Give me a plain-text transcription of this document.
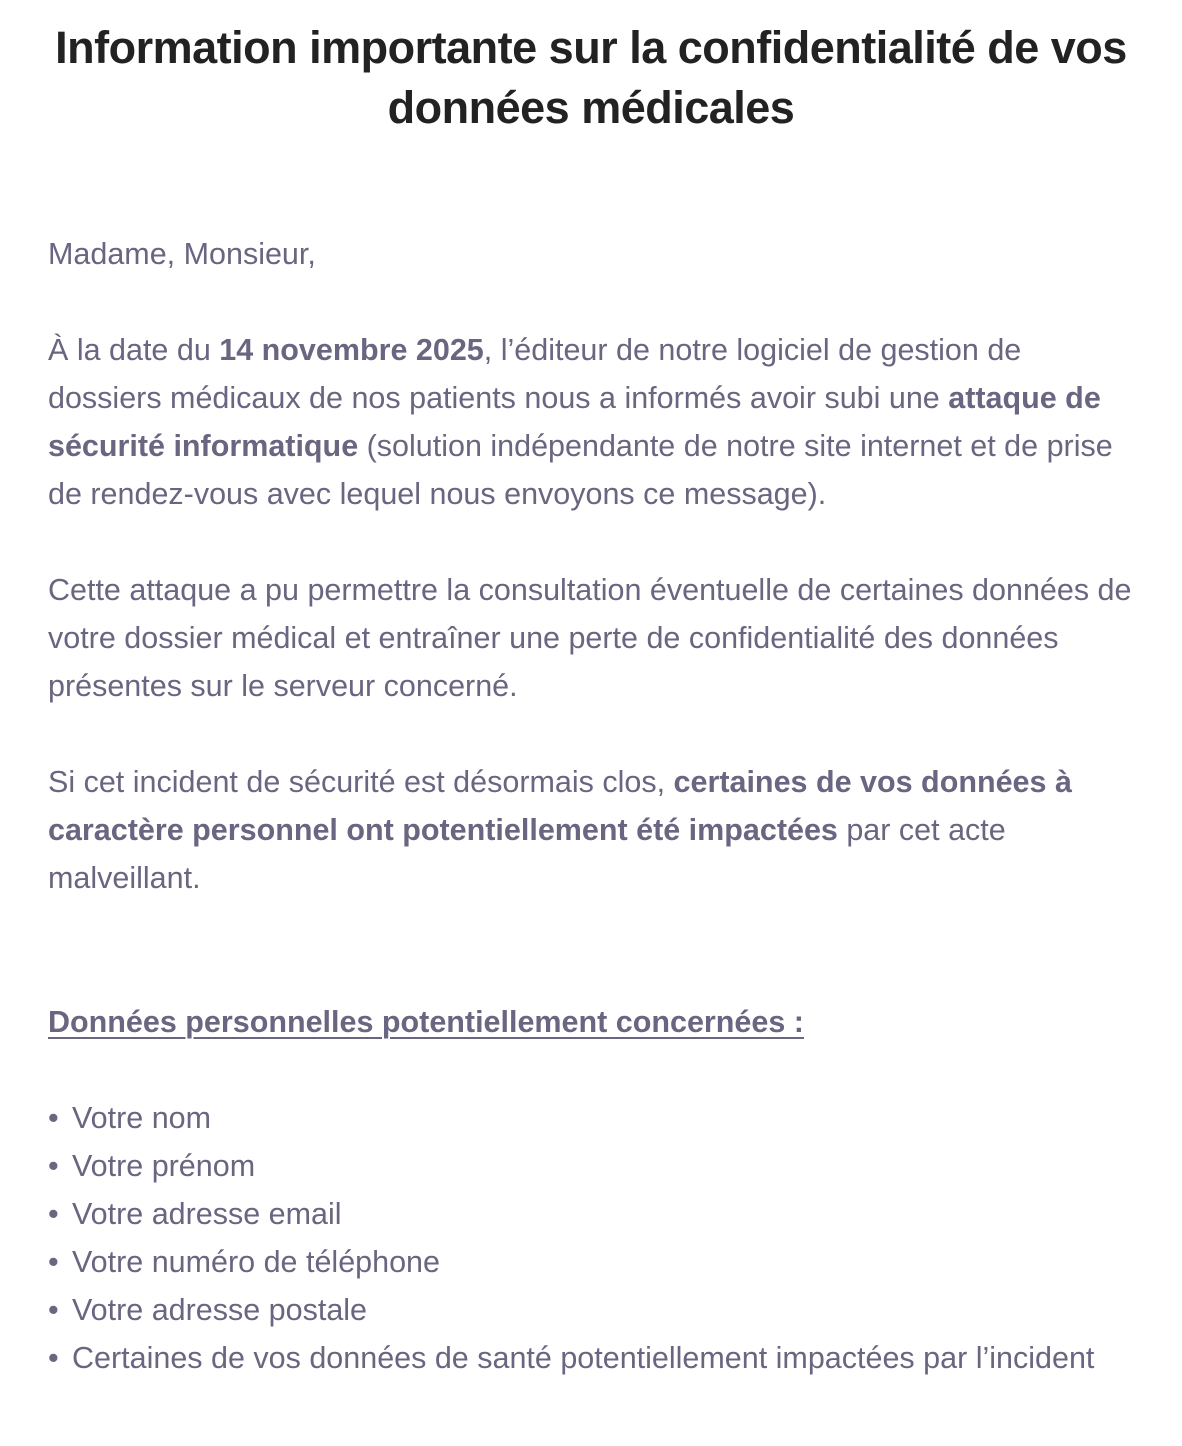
Information importante sur la confidentialité de vos données médicales

Madame, Monsieur,

À la date du 14 novembre 2025, l’éditeur de notre logiciel de gestion de dossiers médicaux de nos patients nous a informés avoir subi une attaque de sécurité informatique (solution indépendante de notre site internet et de prise de rendez-vous avec lequel nous envoyons ce message).

Cette attaque a pu permettre la consultation éventuelle de certaines données de votre dossier médical et entraîner une perte de confidentialité des données présentes sur le serveur concerné.

Si cet incident de sécurité est désormais clos, certaines de vos données à caractère personnel ont potentiellement été impactées par cet acte malveillant.

Données personnelles potentiellement concernées :

• Votre nom
• Votre prénom
• Votre adresse email
• Votre numéro de téléphone
• Votre adresse postale
• Certaines de vos données de santé potentiellement impactées par l’incident
